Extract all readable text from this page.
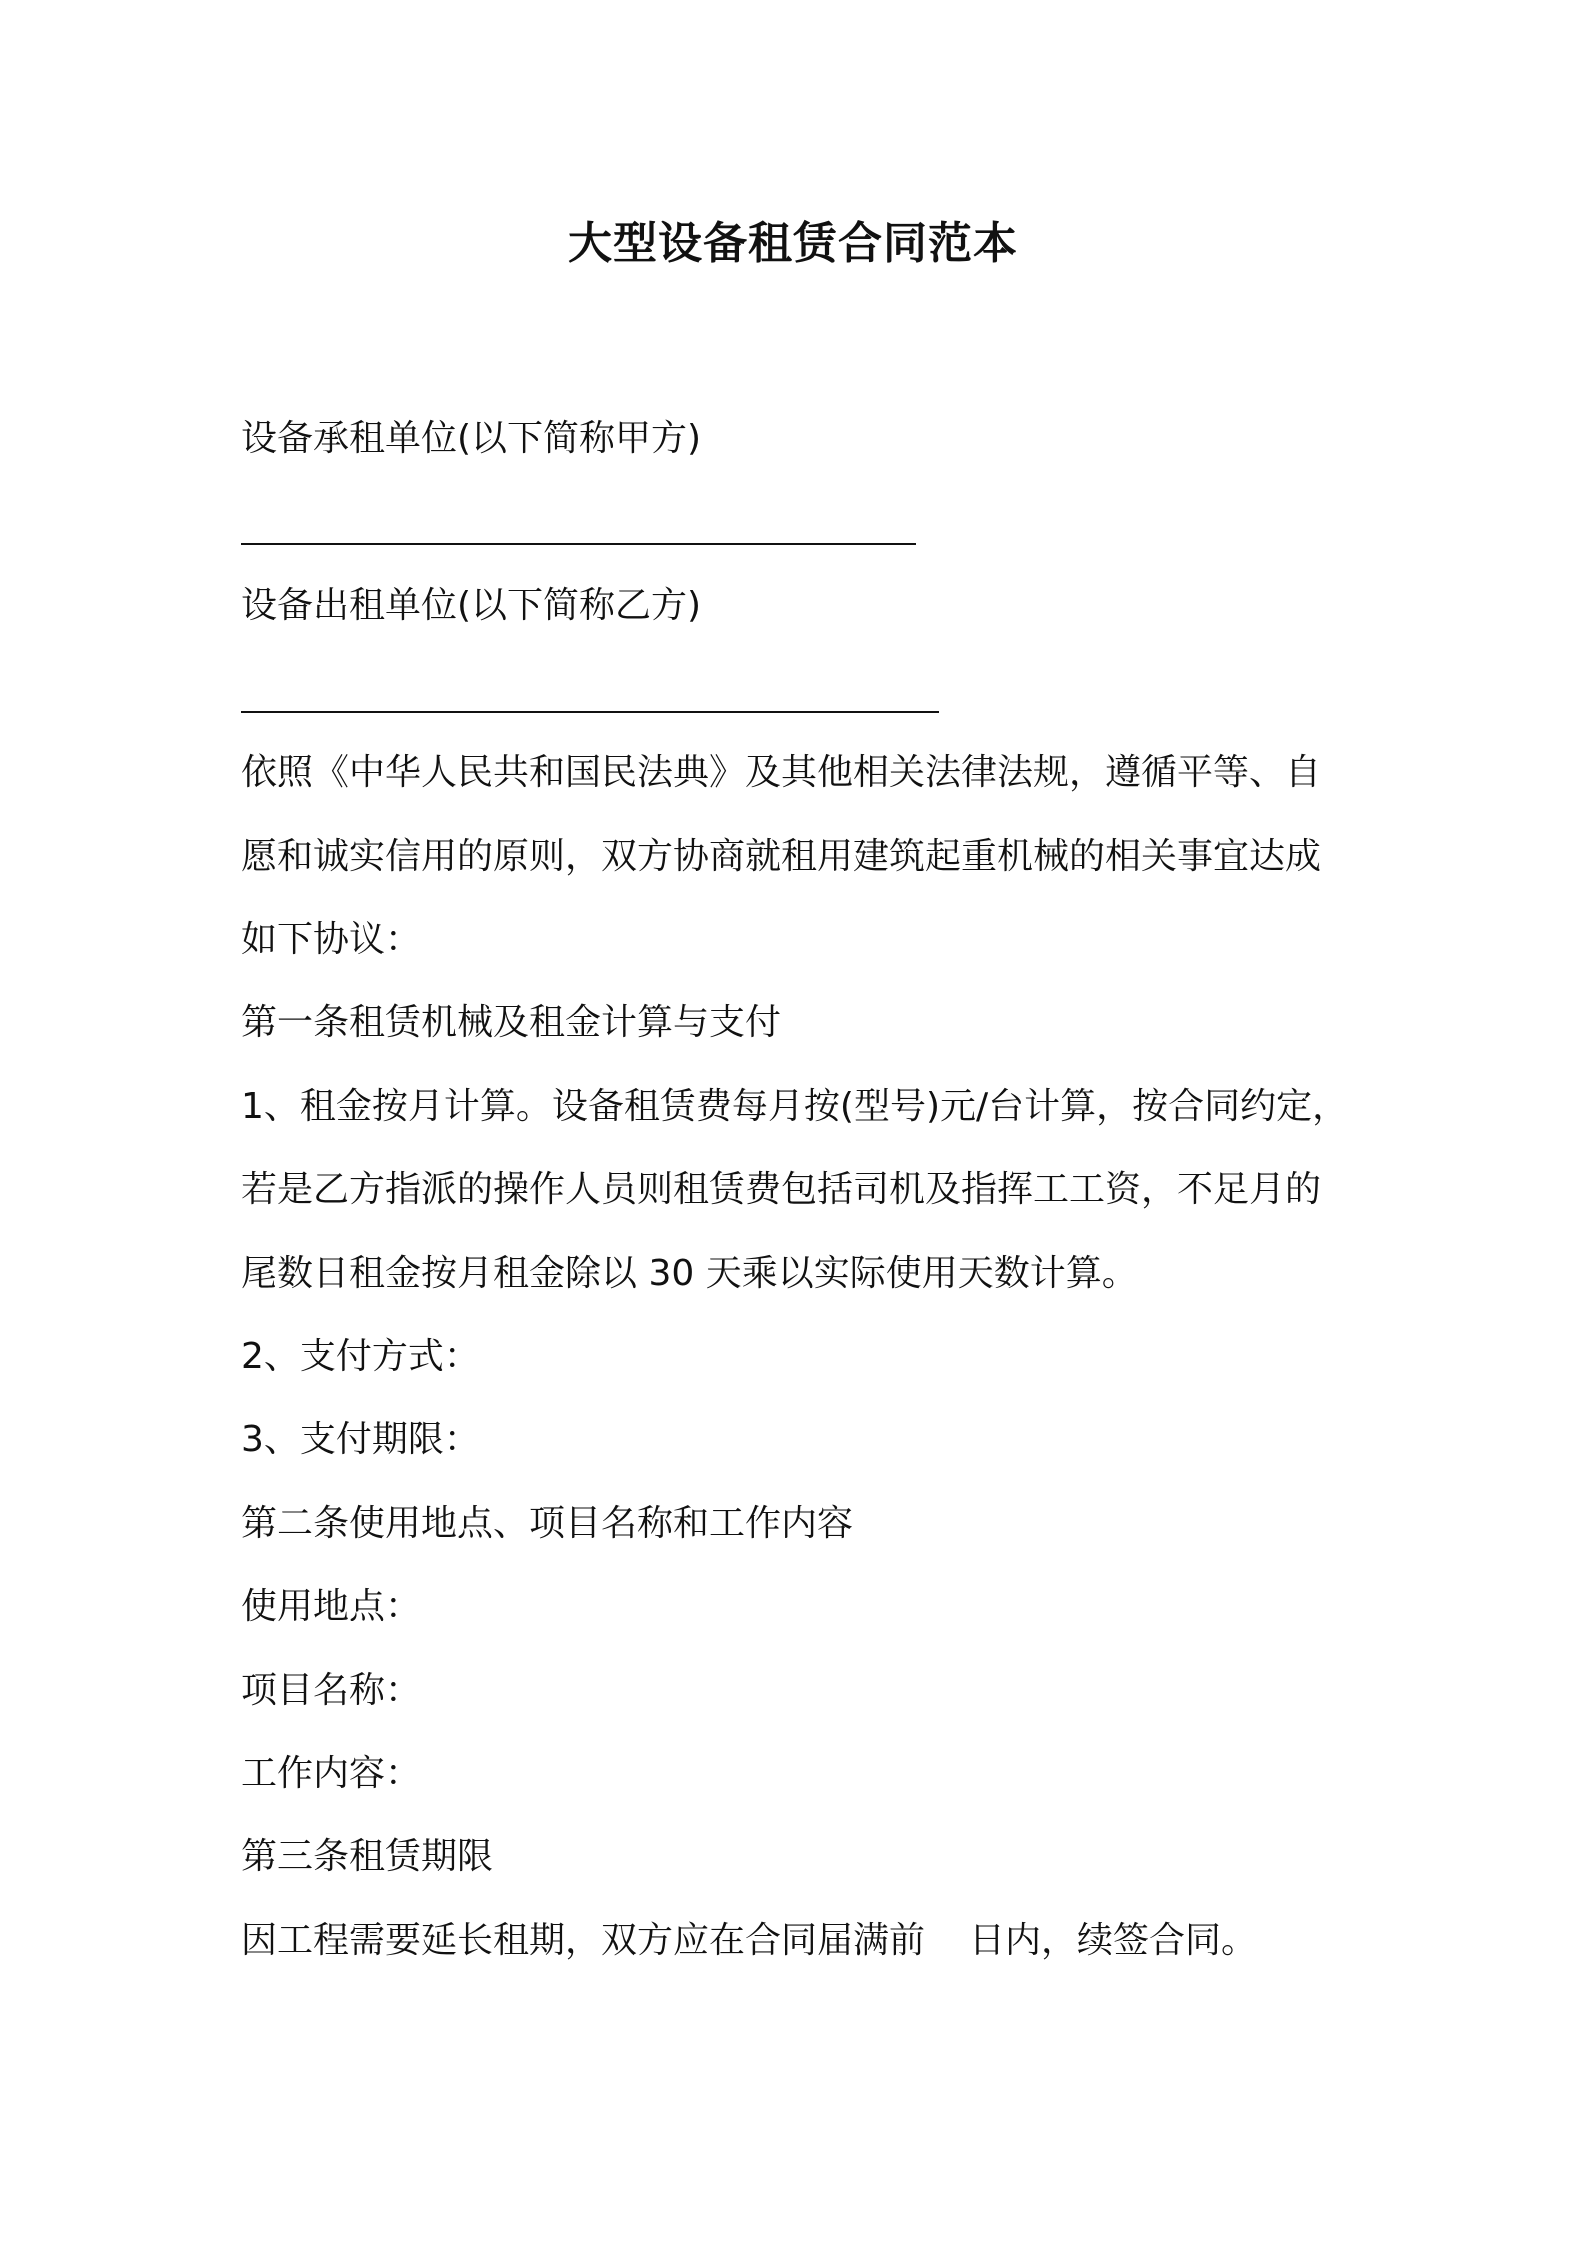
大型设备租赁合同范本
设备承租单位(以下简称甲方)
设备出租单位(以下简称乙方)
依照《中华人民共和国民法典》及其他相关法律法规，遵循平等、自
愿和诚实信用的原则，双方协商就租用建筑起重机械的相关事宜达成
如下协议：
第一条租赁机械及租金计算与支付
1、租金按月计算。设备租赁费每月按(型号)元/台计算，按合同约定，
若是乙方指派的操作人员则租赁费包括司机及指挥工工资，不足月的
尾数日租金按月租金除以 30 天乘以实际使用天数计算。
2、支付方式：
3、支付期限：
第二条使用地点、项目名称和工作内容
使用地点：
项目名称：
工作内容：
第三条租赁期限
因工程需要延长租期，双方应在合同届满前 日内，续签合同。
